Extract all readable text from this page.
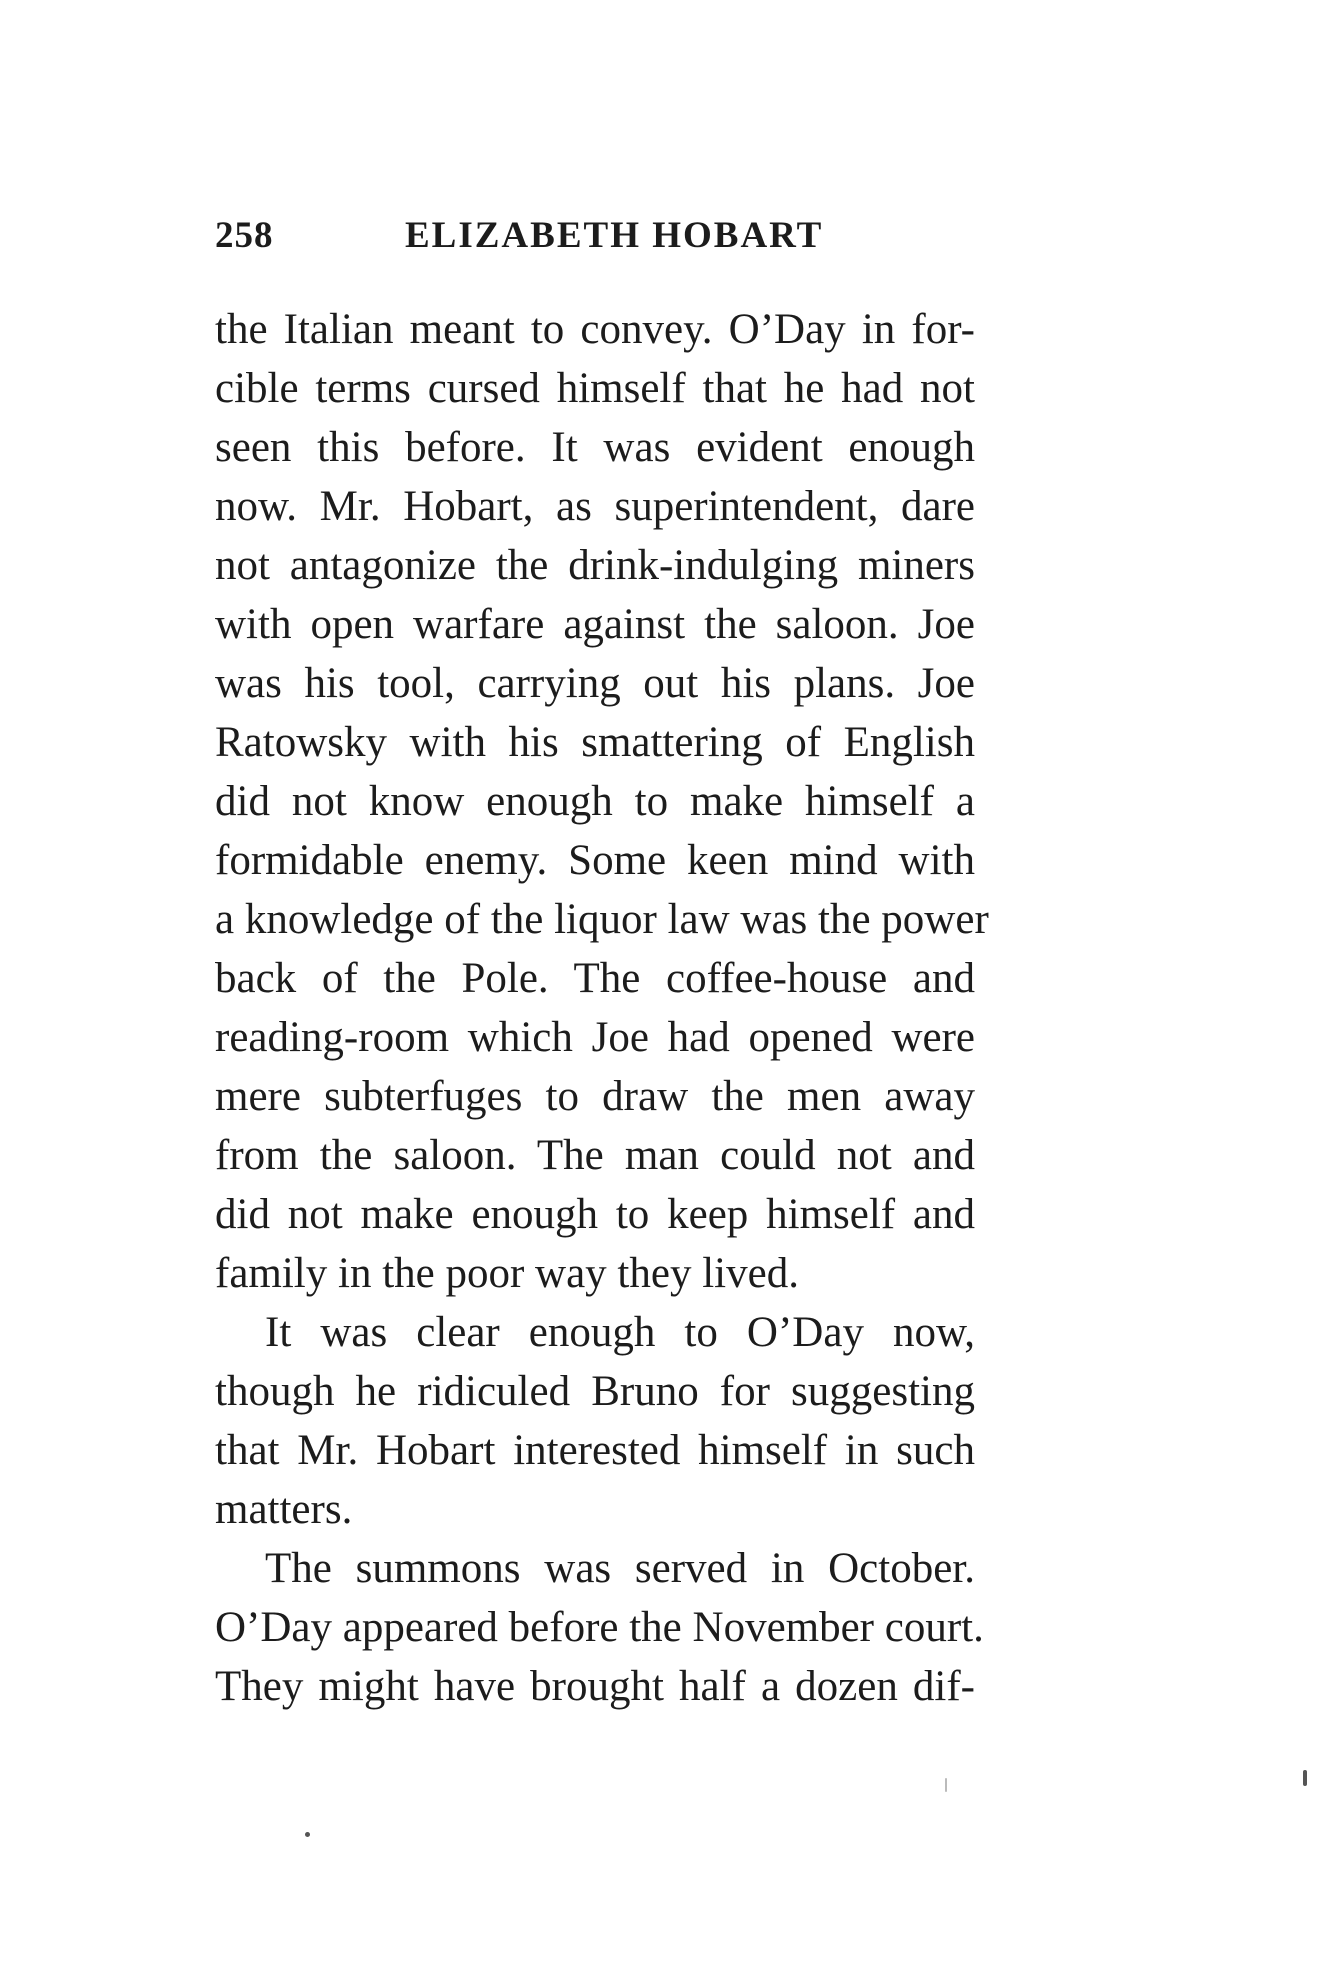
258	ELIZABETH HOBART
the Italian meant to convey. O’Day in for-
cible terms cursed himself that he had not
seen this before. It was evident enough
now. Mr. Hobart, as superintendent, dare
not antagonize the drink-indulging miners
with open warfare against the saloon. Joe
was his tool, carrying out his plans. Joe
Ratowsky with his smattering of English
did not know enough to make himself a
formidable enemy. Some keen mind with
a knowledge of the liquor law was the power
back of the Pole. The coffee-house and
reading-room which Joe had opened were
mere subterfuges to draw the men away
from the saloon. The man could not and
did not make enough to keep himself and
family in the poor way they lived.
It was clear enough to O’Day now,
though he ridiculed Bruno for suggesting
that Mr. Hobart interested himself in such
matters.
The summons was served in October.
O’Day appeared before the November court.
They might have brought half a dozen dif-
